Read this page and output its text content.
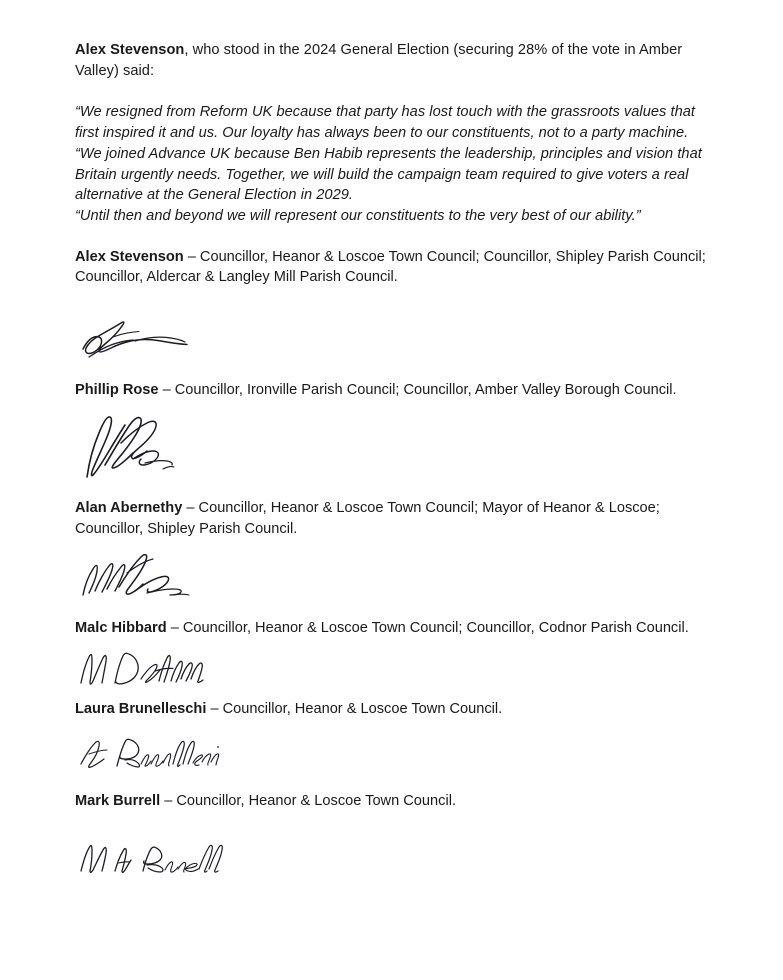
Alex Stevenson, who stood in the 2024 General Election (securing 28% of the vote in Amber Valley) said:

“We resigned from Reform UK because that party has lost touch with the grassroots values that first inspired it and us. Our loyalty has always been to our constituents, not to a party machine.

“We joined Advance UK because Ben Habib represents the leadership, principles and vision that Britain urgently needs. Together, we will build the campaign team required to give voters a real alternative at the General Election in 2029.

“Until then and beyond we will represent our constituents to the very best of our ability.”

Alex Stevenson – Councillor, Heanor & Loscoe Town Council; Councillor, Shipley Parish Council; Councillor, Aldercar & Langley Mill Parish Council.

Phillip Rose – Councillor, Ironville Parish Council; Councillor, Amber Valley Borough Council.

Alan Abernethy – Councillor, Heanor & Loscoe Town Council; Mayor of Heanor & Loscoe; Councillor, Shipley Parish Council.

Malc Hibbard – Councillor, Heanor & Loscoe Town Council; Councillor, Codnor Parish Council.

Laura Brunelleschi – Councillor, Heanor & Loscoe Town Council.

Mark Burrell – Councillor, Heanor & Loscoe Town Council.
